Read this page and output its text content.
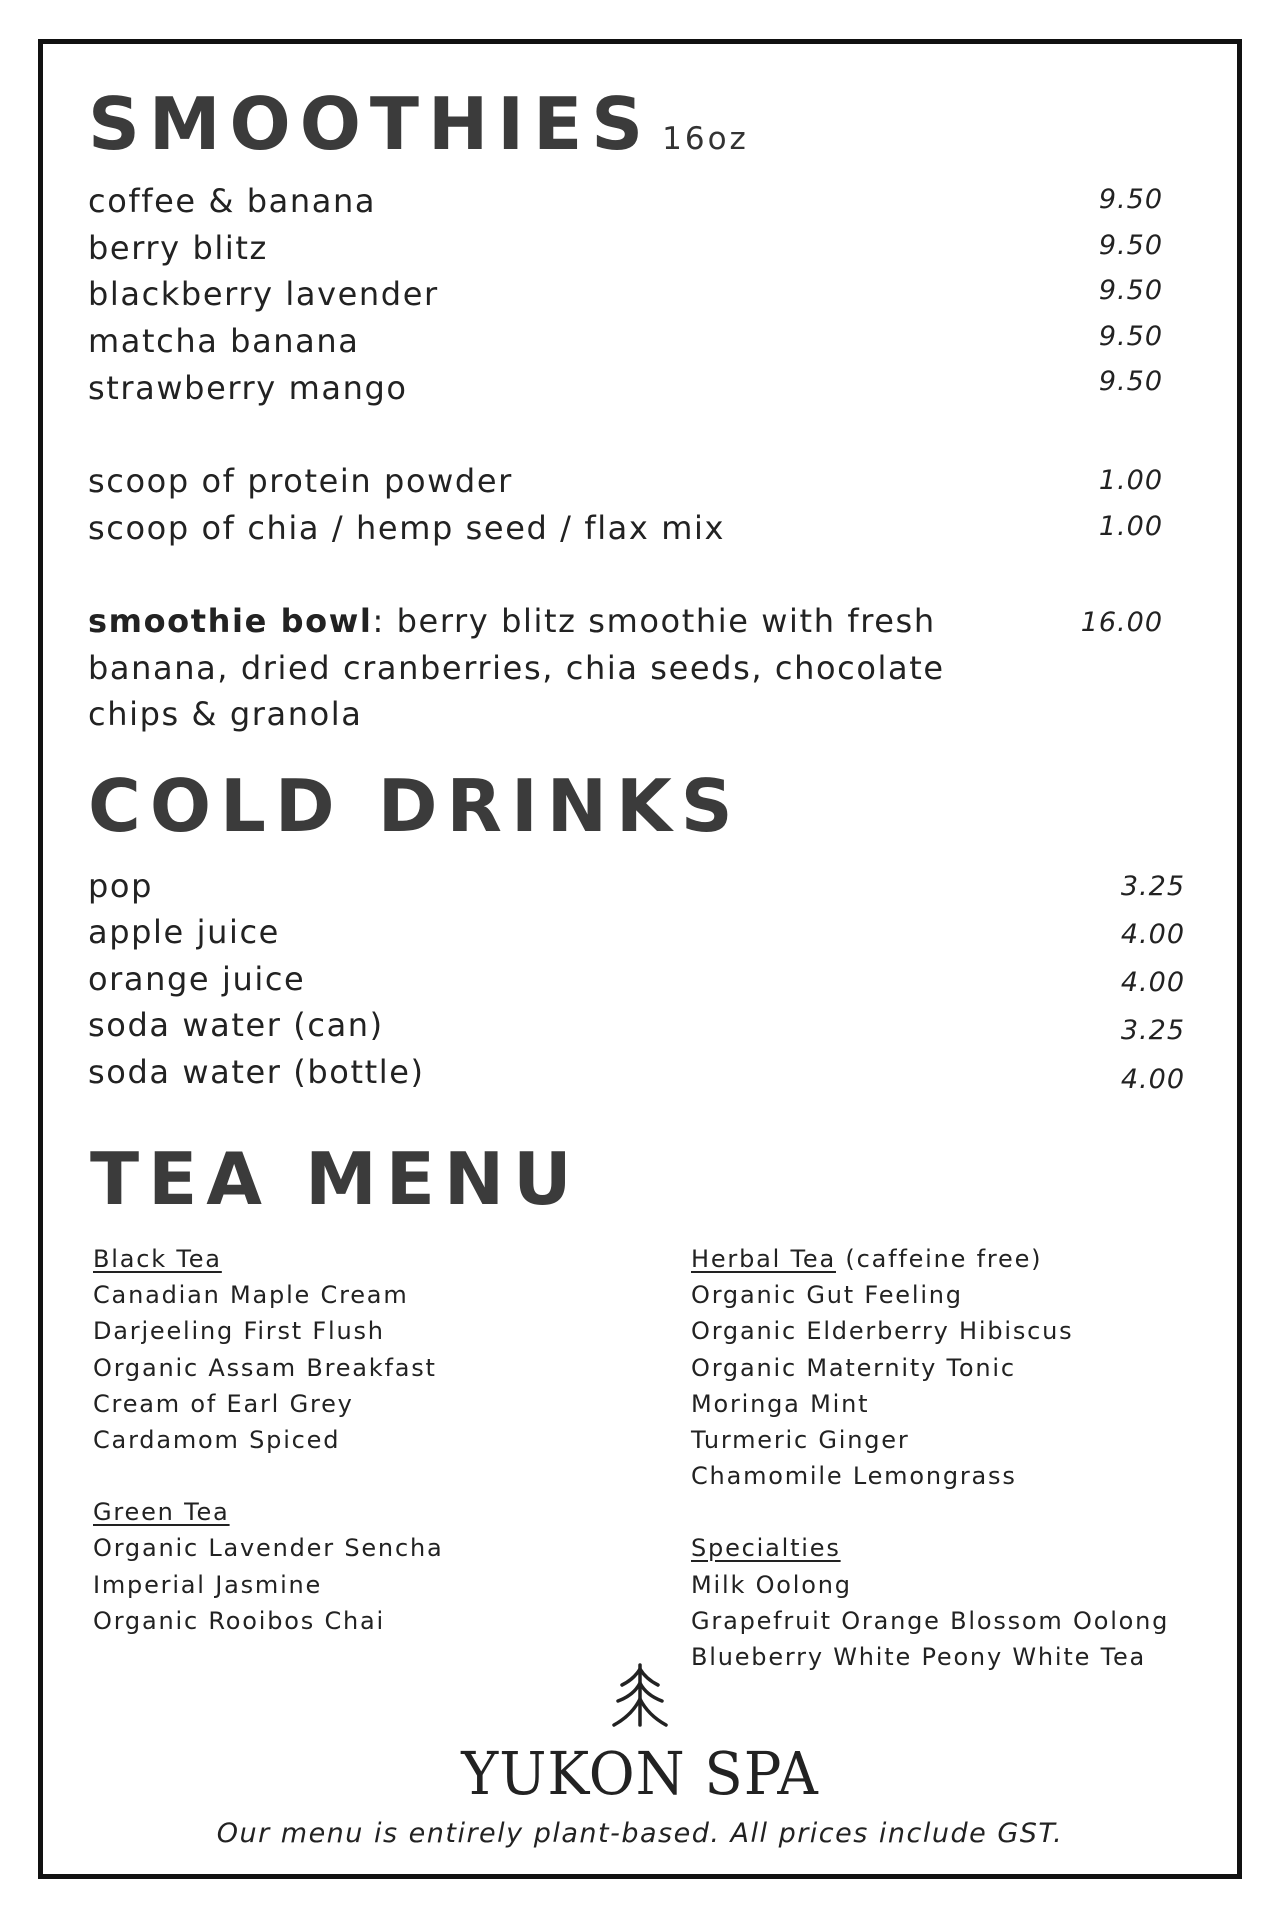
SMOOTHIES 16oz
coffee & banana	9.50
berry blitz	9.50
blackberry lavender	9.50
matcha banana	9.50
strawberry mango	9.50
scoop of protein powder	1.00
scoop of chia / hemp seed / flax mix	1.00
smoothie bowl: berry blitz smoothie with fresh	16.00
banana, dried cranberries, chia seeds, chocolate
chips & granola
COLD DRINKS
pop	3.25
apple juice	4.00
orange juice	4.00
soda water (can)	3.25
soda water (bottle)	4.00
TEA MENU
Black Tea
Canadian Maple Cream
Darjeeling First Flush
Organic Assam Breakfast
Cream of Earl Grey
Cardamom Spiced
Green Tea
Organic Lavender Sencha
Imperial Jasmine
Organic Rooibos Chai
Herbal Tea (caffeine free)
Organic Gut Feeling
Organic Elderberry Hibiscus
Organic Maternity Tonic
Moringa Mint
Turmeric Ginger
Chamomile Lemongrass
Specialties
Milk Oolong
Grapefruit Orange Blossom Oolong
Blueberry White Peony White Tea
YUKON SPA
Our menu is entirely plant-based. All prices include GST.
